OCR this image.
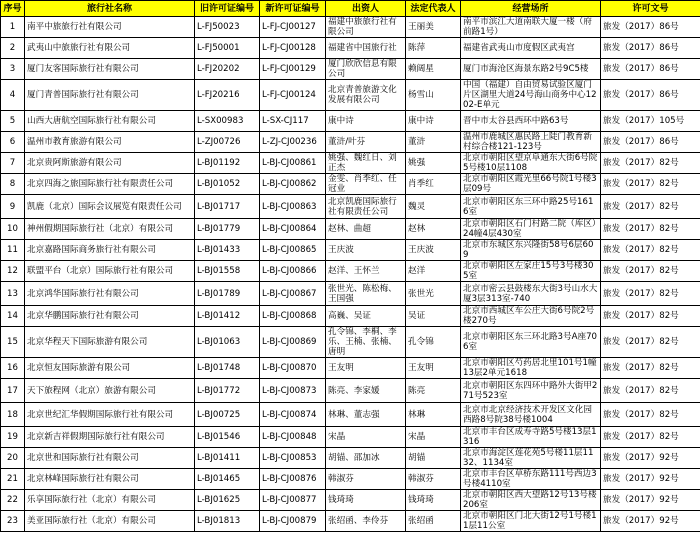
序号	旅行社名称	旧许可证编号	新许可证编号	出资人	法定代表人	经营场所	许可文号
1	南平中旅旅行社有限公司	L-FJ50023	L-FJ-CJ00127	福建中旅旅行社有限公司	王丽美	南平市滨江大道南联大厦一楼（府前路1号）	旅发（2017）86号
2	武夷山中旅旅行社有限公司	L-FJ50001	L-FJ-CJ00128	福建省中国旅行社	陈萍	福建省武夷山市度假区武夷宫	旅发（2017）86号
3	厦门友客国际旅行社有限公司	L-FJ20202	L-FJ-CJ00129	厦门欣欣信息有限公司	赖阔星	厦门市海沧区海景东路2号9C5楼	旅发（2017）86号
4	厦门青普国际旅行社有限公司	L-FJ20216	L-FJ-CJ00124	北京青普旅游文化发展有限公司	杨雪山	中国（福建）自由贸易试验区厦门片区湖里大道24号海山商务中心1202-E单元	旅发（2017）86号
5	山西大唐航空国际旅行社有限公司	L-SX00983	L-SX-CJ117	康中诗	康中诗	晋中市太谷县西环中路63号	旅发（2017）105号
6	温州市教育旅游有限公司	L-ZJ00726	L-ZJ-CJ00236	董浒/叶芬	董浒	温州市鹿城区惠民路上陡门教育新村综合楼121-123号	旅发（2017）86号
7	北京贵阿斯旅游有限公司	L-BJ01192	L-BJ-CJ00861	姚强、魏红日、刘正杰	姚强	北京市朝阳区望京阜通东大街6号院5号楼10层1108	旅发（2017）82号
8	北京四海之旅国际旅行社有限责任公司	L-BJ01052	L-BJ-CJ00862	金雯、肖季红、任冠业	肖季红	北京市朝阳区霞光里66号院1号楼3层09号	旅发（2017）82号
9	凯鹿（北京）国际会议展览有限责任公司	L-BJ01717	L-BJ-CJ00863	北京凯鹿国际旅行社有限责任公司	魏灵	北京市朝阳区东三环中路25号1616室	旅发（2017）82号
10	神州假期国际旅行社（北京）有限公司	L-BJ01779	L-BJ-CJ00864	赵林、曲超	赵林	北京市朝阳区石门村路二院（库区）24幢4层430室	旅发（2017）82号
11	北京嘉路国际商务旅行社有限公司	L-BJ01433	L-BJ-CJ00865	王庆波	王庆波	北京市东城区东兴隆街58号6层609	旅发（2017）82号
12	联盟平台（北京）国际旅行社有限公司	L-BJ01558	L-BJ-CJ00866	赵洋、王怀兰	赵洋	北京市朝阳区左家庄15号3号楼305室	旅发（2017）82号
13	北京鸿华国际旅行社有限公司	L-BJ01789	L-BJ-CJ00867	张世光、陈松梅、王国强	张世光	北京市密云县鼓楼东大街3号山水大厦3层313室-740	旅发（2017）82号
14	北京华鹏国际旅行社有限公司	L-BJ01412	L-BJ-CJ00868	高巍、吴证	吴证	北京市西城区车公庄大街6号院2号楼270号	旅发（2017）82号
15	北京华程天下国际旅游有限公司	L-BJ01063	L-BJ-CJ00869	孔令锦、李桐、李乐、王楠、张楠、唐明	孔令锦	北京市朝阳区东三环北路3号A座706室	旅发（2017）82号
16	北京恒友国际旅游有限公司	L-BJ01748	L-BJ-CJ00870	王友明	王友明	北京市朝阳区芍药居北里101号1幢13层2单元1618	旅发（2017）82号
17	天下旅程网（北京）旅游有限公司	L-BJ01772	L-BJ-CJ00873	陈亮、李家媛	陈亮	北京市朝阳区东四环中路外大街甲271号523室	旅发（2017）82号
18	北京世纪汇华假期国际旅行社有限公司	L-BJ00725	L-BJ-CJ00874	林琳、董志强	林琳	北京市北京经济技术开发区文化园西路8号院38号楼1004	旅发（2017）82号
19	北京新吉祥假期国际旅行社有限公司	L-BJ01546	L-BJ-CJ00848	宋晶	宋晶	北京市丰台区成寿寺路5号楼13层1316	旅发（2017）82号
20	北京世和国际旅行社有限公司	L-BJ01411	L-BJ-CJ00853	胡锚、邵加冰	胡锚	北京市海淀区莲花苑5号楼11层1132、1134室	旅发（2017）92号
21	北京林峰国际旅行社有限公司	L-BJ01465	L-BJ-CJ00876	韩淑芬	韩淑芬	北京市丰台区草桥东路111号西边3号楼4110室	旅发（2017）92号
22	乐享国际旅行社（北京）有限公司	L-BJ01625	L-BJ-CJ00877	钱琦琦	钱琦琦	北京市朝阳区西大望路12号13号楼206室	旅发（2017）92号
23	美亚国际旅行社（北京）有限公司	L-BJ01813	L-BJ-CJ00879	张绍函、李伶芬	张绍函	北京市朝阳区门北大街12号1号楼11层11公室	旅发（2017）92号
